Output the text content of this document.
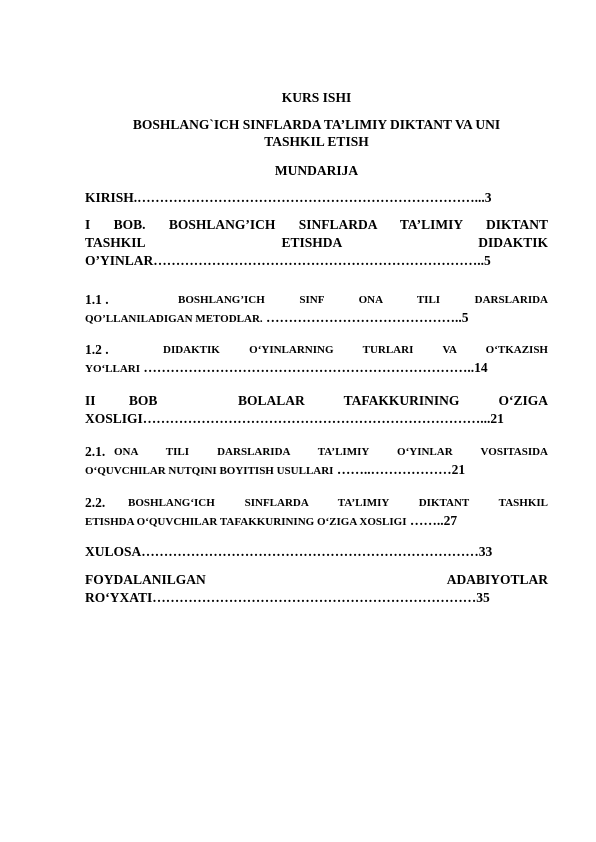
KURS ISHI
BOSHLANG`ICH SINFLARDA TA’LIMIY DIKTANT VA UNI
TASHKIL ETISH
MUNDARIJA
KIRISH.…………………………………………………………………...3
I BOB. BOSHLANG’ICH SINFLARDA TA’LIMIY DIKTANT
TASHKIL	ETISHDA	DIDAKTIK
O’YINLAR………………………………………………………………..5
1.1 .	BOSHLANG’ICH SINF ONA TILI DARSLARIDA
QO’LLANILADIGAN METODLAR. ……………………………………..5
1.2 .	DIDAKTIK O‘YINLARNING TURLARI VA O‘TKAZISH
YO‘LLARI ………………………………………………………………..14
II BOB	BOLALAR TAFAKKURINING O‘ZIGA
XOSLIGI…………………………………………………………………...21
2.1. ONA TILI DARSLARIDA TA’LIMIY O‘YINLAR VOSITASIDA
O‘QUVCHILAR NUTQINI BOYITISH USULLARI ……..………………21
2.2. BOSHLANG‘ICH SINFLARDA TA’LIMIY DIKTANT TASHKIL
ETISHDA O‘QUVCHILAR TAFAKKURINING O‘ZIGA XOSLIGI ……..27
XULOSA…………………………………………………………………33
FOYDALANILGAN	ADABIYOTLAR
RO‘YXATI………………………………………………………………35
